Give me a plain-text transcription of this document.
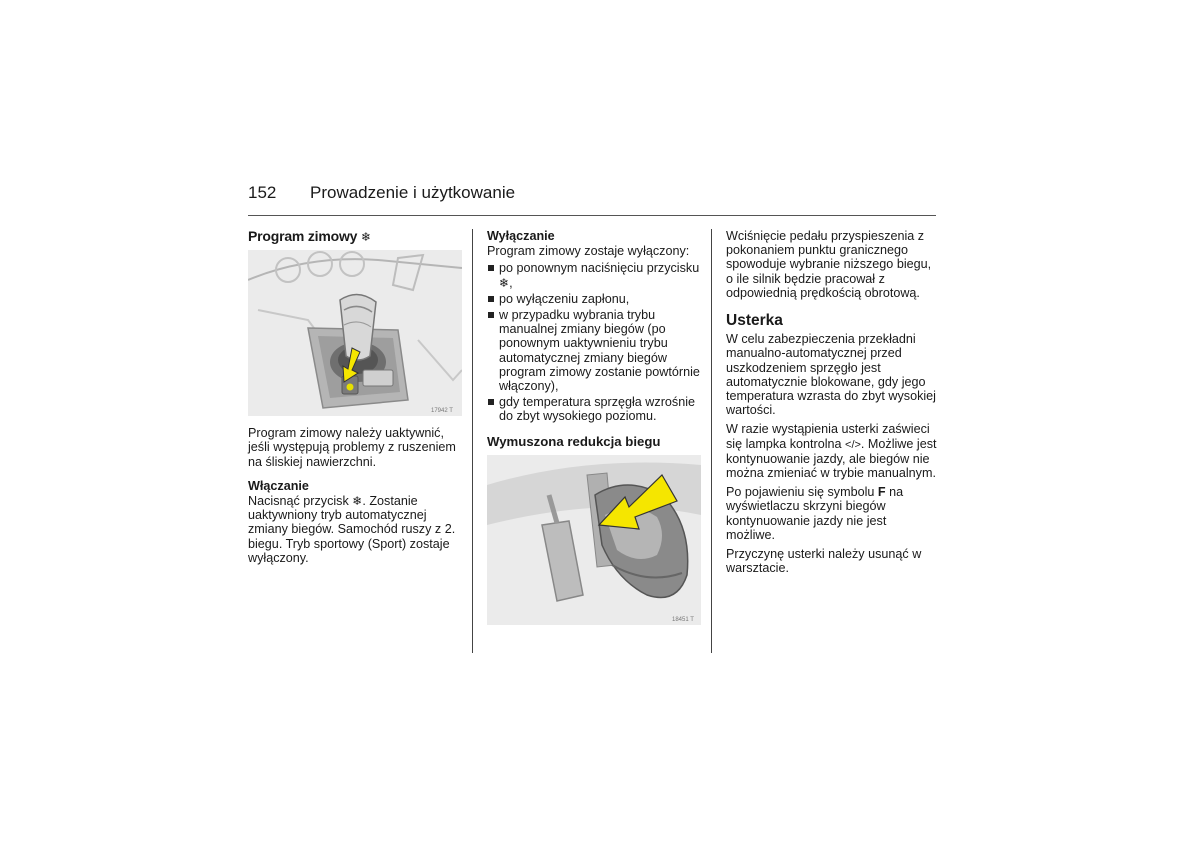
152 Prowadzenie i użytkowanie
Program zimowy ❄
17942 T

Program zimowy należy uaktywnić, jeśli występują problemy z ruszeniem na śliskiej nawierzchni.

Włączanie

Nacisnąć przycisk ❄. Zostanie uaktywniony tryb automatycznej zmiany biegów. Samochód ruszy z 2. biegu. Tryb sportowy (Sport) zostaje wyłączony.

Wyłączanie

Program zimowy zostaje wyłączony:

po ponownym naciśnięciu przycisku ❄,
po wyłączeniu zapłonu,
w przypadku wybrania trybu manualnej zmiany biegów (po ponownym uaktywnieniu trybu automatycznej zmiany biegów program zimowy zostanie powtórnie włączony),
gdy temperatura sprzęgła wzrośnie do zbyt wysokiego poziomu.
Wymuszona redukcja biegu
18451 T

Wciśnięcie pedału przyspieszenia z pokonaniem punktu granicznego spowoduje wybranie niższego biegu, o ile silnik będzie pracował z odpowiednią prędkością obrotową.

Usterka

W celu zabezpieczenia przekładni manualno-automatycznej przed uszkodzeniem sprzęgło jest automatycznie blokowane, gdy jego temperatura wzrasta do zbyt wysokiej wartości.

W razie wystąpienia usterki zaświeci się lampka kontrolna </>. Możliwe jest kontynuowanie jazdy, ale biegów nie można zmieniać w trybie manualnym.

Po pojawieniu się symbolu F na wyświetlaczu skrzyni biegów kontynuowanie jazdy nie jest możliwe.

Przyczynę usterki należy usunąć w warsztacie.
